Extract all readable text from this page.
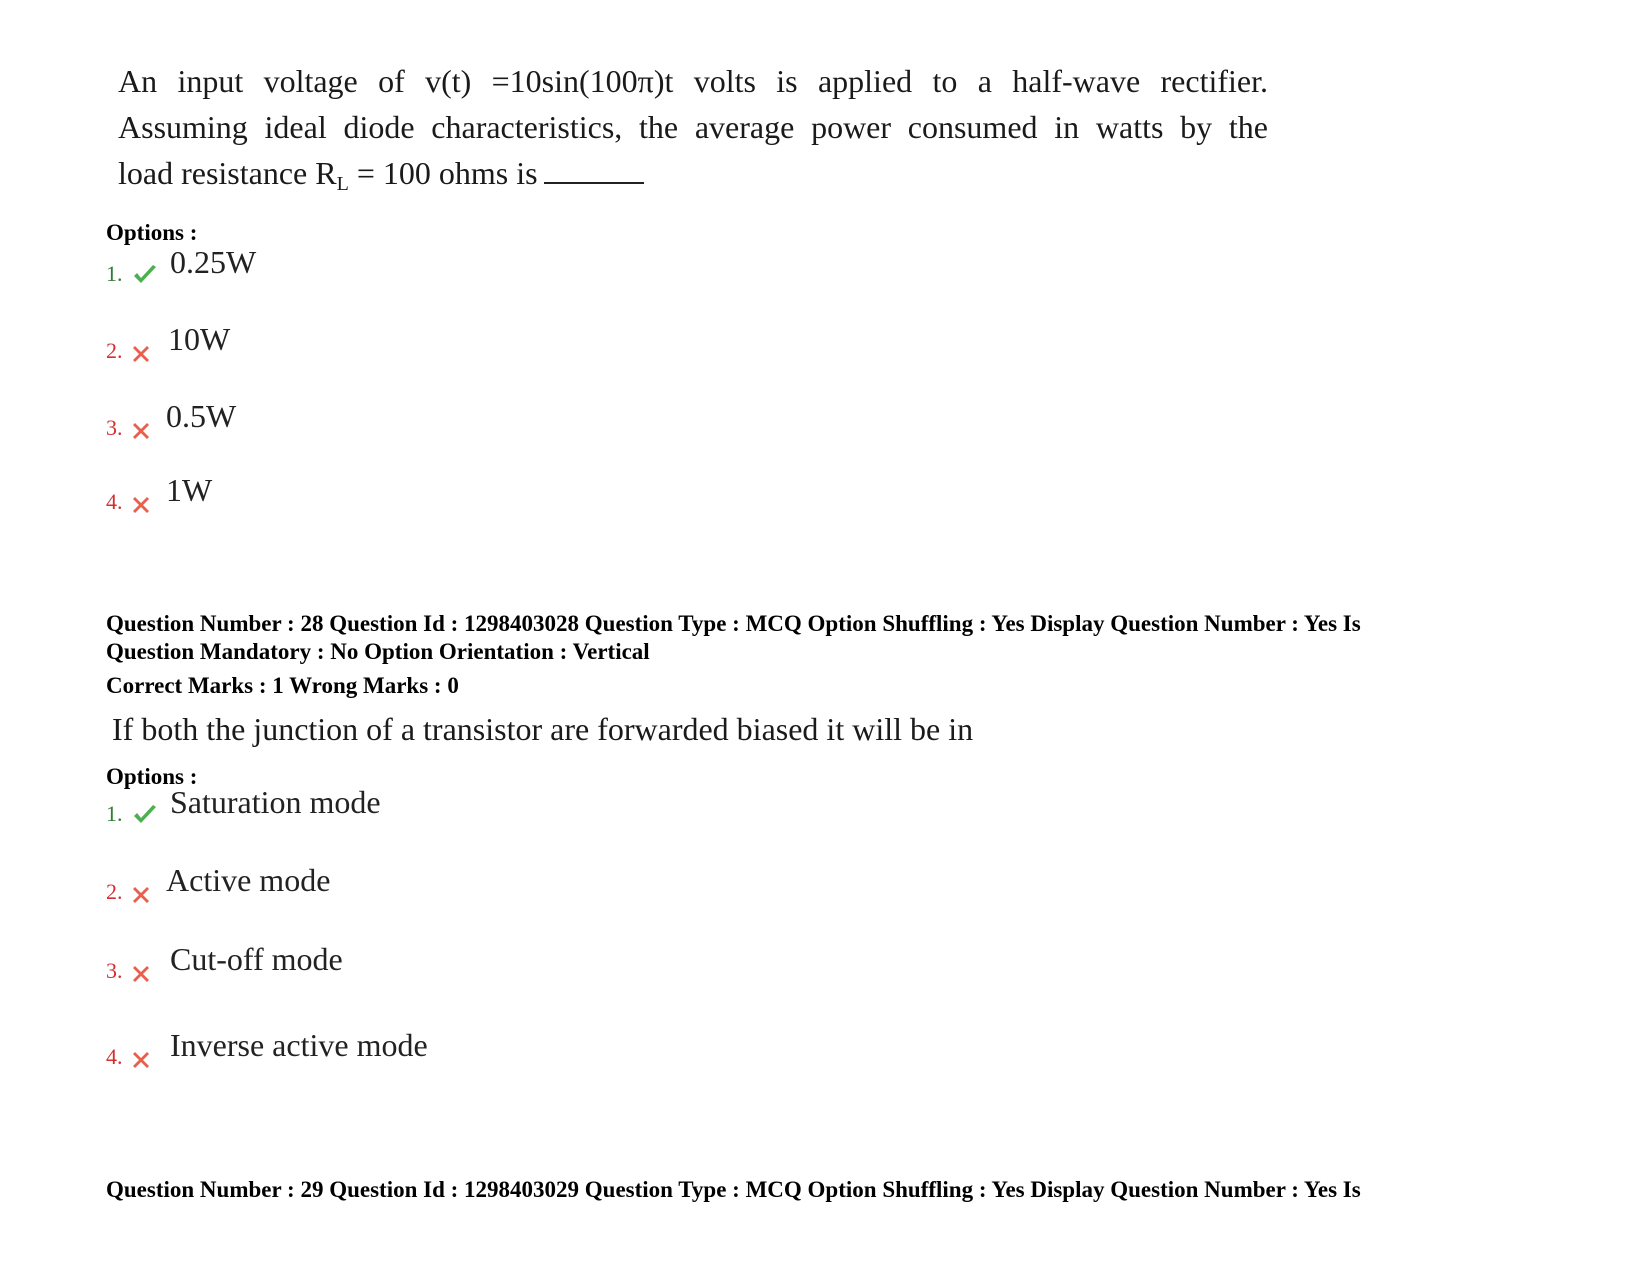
An input voltage of v(t) =10sin(100π)t volts is applied to a half-wave rectifier.
Assuming ideal diode characteristics, the average power consumed in watts by the
load resistance $R_L = 100$ ohms is
Options :
1. 0.25W
2. 10W
3. 0.5W
4. 1W
Question Number : 28 Question Id : 1298403028 Question Type : MCQ Option Shuffling : Yes Display Question Number : Yes Is
Question Mandatory : No Option Orientation : Vertical
Correct Marks : 1 Wrong Marks : 0
If both the junction of a transistor are forwarded biased it will be in
Options :
1. Saturation mode
2. Active mode
3. Cut-off mode
4. Inverse active mode
Question Number : 29 Question Id : 1298403029 Question Type : MCQ Option Shuffling : Yes Display Question Number : Yes Is
